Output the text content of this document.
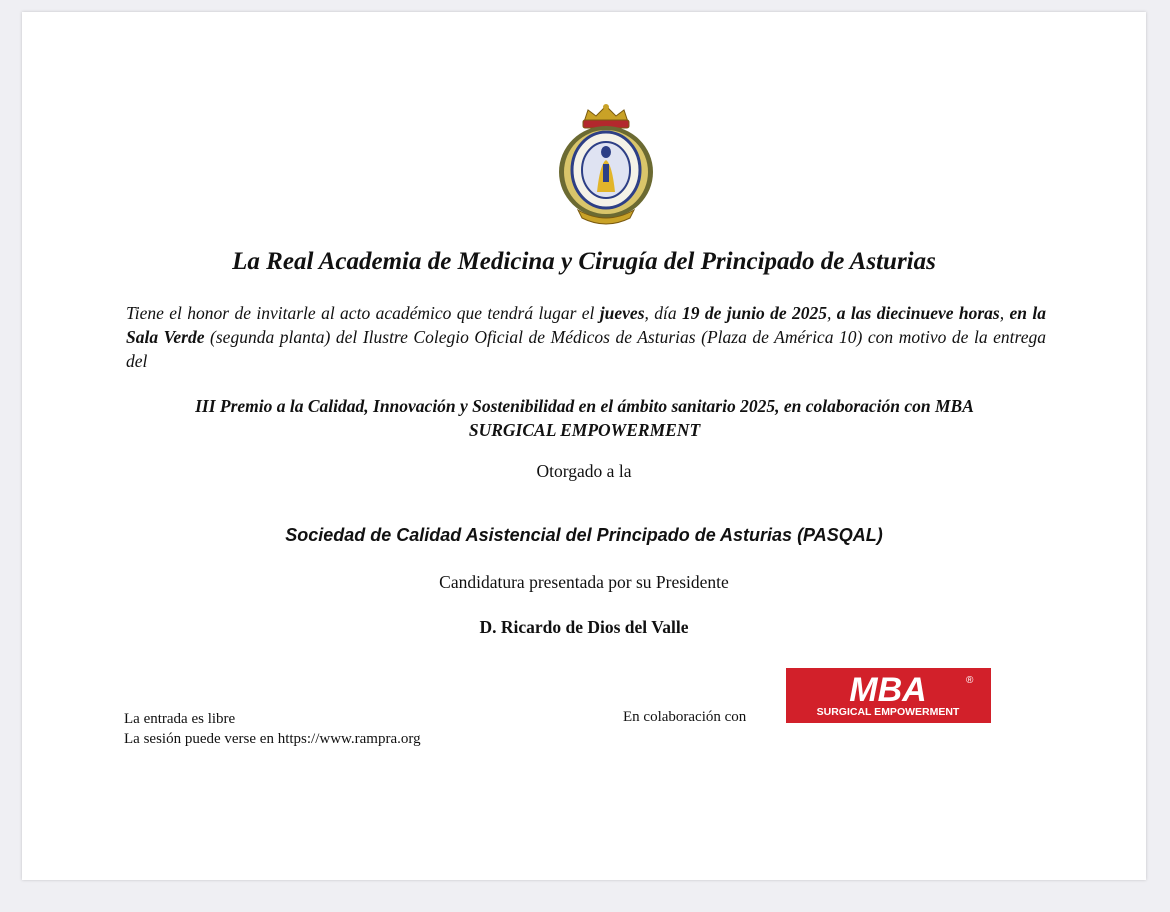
La Real Academia de Medicina y Cirugía del Principado de Asturias
Tiene el honor de invitarle al acto académico que tendrá lugar el jueves, día 19 de junio de 2025, a las diecinueve horas, en la Sala Verde (segunda planta) del Ilustre Colegio Oficial de Médicos de Asturias (Plaza de América 10) con motivo de la entrega del
III Premio a la Calidad, Innovación y Sostenibilidad en el ámbito sanitario 2025, en colaboración con MBA
SURGICAL EMPOWERMENT
Otorgado a la
Sociedad de Calidad Asistencial del Principado de Asturias (PASQAL)
Candidatura presentada por su Presidente
D. Ricardo de Dios del Valle
La entrada es libre
La sesión puede verse en https://www.rampra.org
En colaboración con
MBA	®
SURGICAL EMPOWERMENT
